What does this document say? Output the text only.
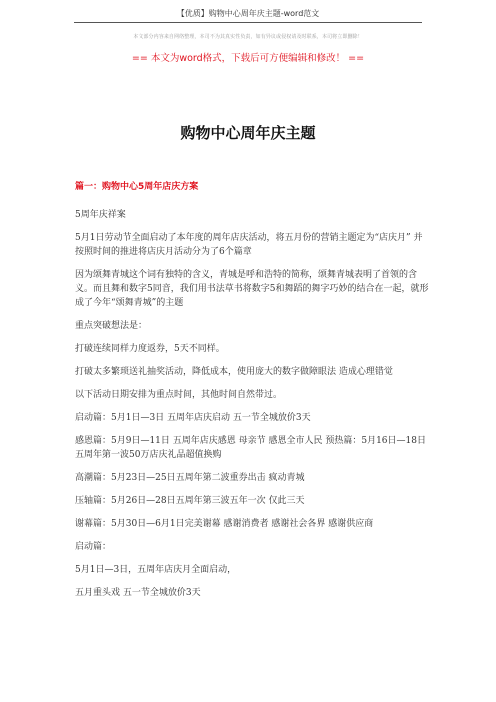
【优质】购物中心周年庆主题-word范文
本文部分内容来自网络整理，本司不为其真实性负责，如有异议或侵权请及时联系，本司将立即删除！
== 本文为word格式，下载后可方便编辑和修改！ ==
购物中心周年庆主题
篇一：购物中心5周年店庆方案
5周年庆祥案
5月1日劳动节全面启动了本年度的周年店庆活动，将五月份的营销主题定为“店庆月” 并按照时间的推进将店庆月活动分为了6个篇章
因为颂舞青城这个词有独特的含义，青城是呼和浩特的简称，颂舞青城表明了首领的含义。而且舞和数字5同音，我们用书法草书将数字5和舞蹈的舞字巧妙的结合在一起，就形成了今年“颂舞青城”的主题
重点突破想法是：
打破连续同样力度返券，5天不同样。
打破太多繁琐送礼抽奖活动，降低成本，使用庞大的数字做障眼法 造成心理错觉
以下活动日期安排为重点时间，其他时间自然带过。
启动篇：5月1日—3日 五周年店庆启动 五一节全城放价3天
感恩篇：5月9日—11日 五周年店庆感恩 母亲节 感恩全市人民 预热篇：5月16日—18日五周年第一波50万店庆礼品超值换购
高潮篇：5月23日—25日五周年第二波重券出击 疯动青城
压轴篇：5月26日—28日五周年第三波五年一次 仅此三天
谢幕篇：5月30日—6月1日完美谢幕 感谢消费者 感谢社会各界 感谢供应商
启动篇：
5月1日—3日，五周年店庆月全面启动，
五月重头戏 五一节全城放价3天
